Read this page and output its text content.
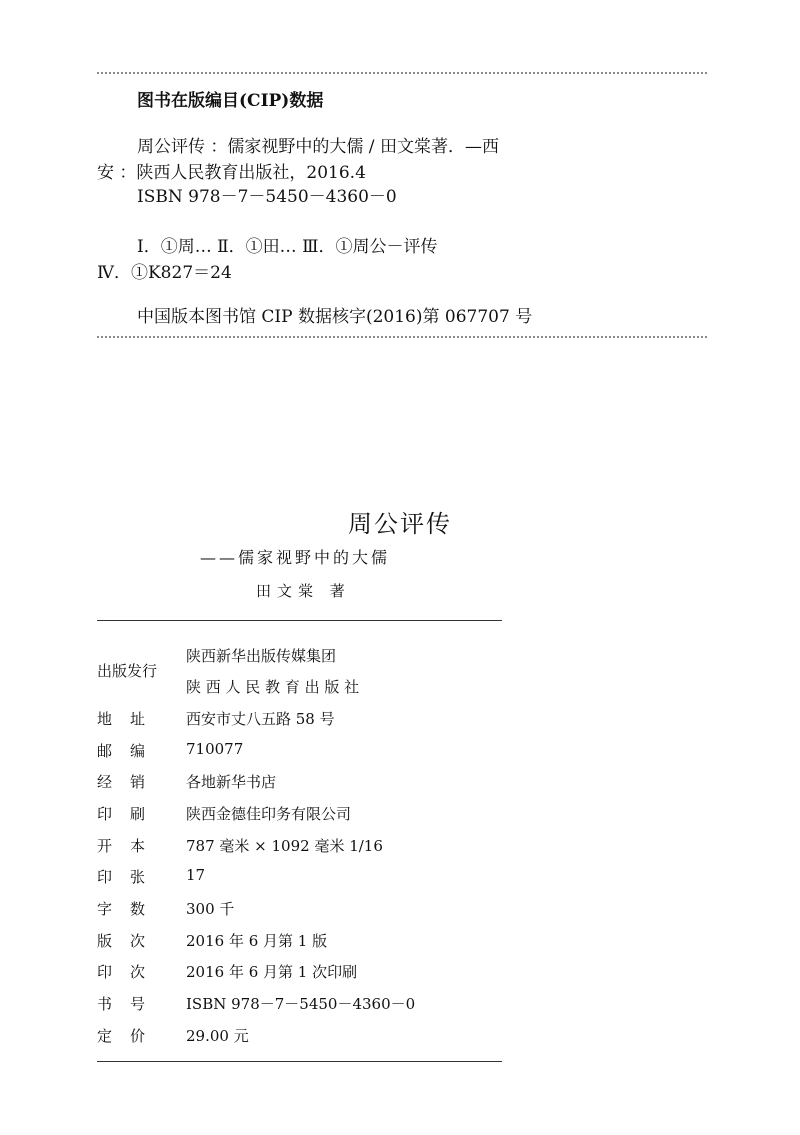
图书在版编目(CIP)数据
周公评传 ：儒家视野中的大儒 / 田文棠著．—西
安 ：陕西人民教育出版社，2016.4
ISBN 978－7－5450－4360－0
Ⅰ．①周… Ⅱ．①田… Ⅲ．①周公－评传
Ⅳ．①K827＝24
中国版本图书馆 CIP 数据核字(2016)第 067707 号
周公评传
——儒家视野中的大儒
田文棠 著
出版发行
陕西新华出版传媒集团
陕 西 人 民 教 育 出 版 社
地址 西安市丈八五路 58 号
邮编 710077
经销 各地新华书店
印刷 陕西金德佳印务有限公司
开本 787 毫米 × 1092 毫米 1/16
印张 17
字数 300 千
版次 2016 年 6 月第 1 版
印次 2016 年 6 月第 1 次印刷
书号 ISBN 978－7－5450－4360－0
定价 29.00 元
